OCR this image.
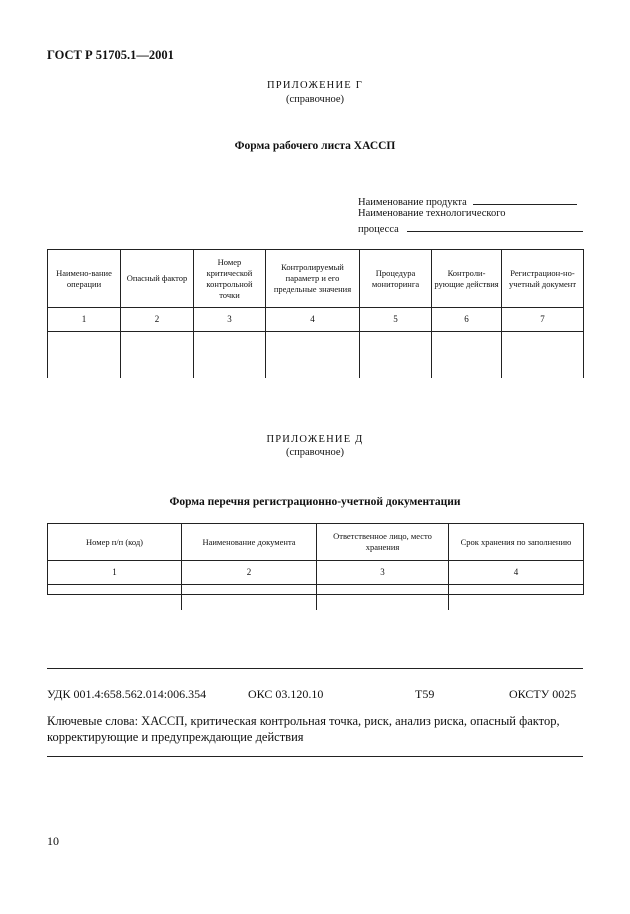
ГОСТ Р 51705.1—2001
ПРИЛОЖЕНИЕ Г
(справочное)
Форма рабочего листа ХАССП
Наименование продукта
Наименование технологического
процесса
Наимено-вание операции	Опасный фактор	Номер критической контрольной точки	Контролируемый параметр и его предельные значения	Процедура мониторинга	Контроли-рующие действия	Регистрацион-но-учетный документ
1	2	3	4	5	6	7

ПРИЛОЖЕНИЕ Д
(справочное)
Форма перечня регистрационно-учетной документации
Номер п/п (код)	Наименование документа	Ответственное лицо, место хранения	Срок хранения по заполнению
1	2	3	4

УДК 001.4:658.562.014:006.354	ОКС 03.120.10	Т59	ОКСТУ 0025
Ключевые слова: ХАССП, критическая контрольная точка, риск, анализ риска, опасный фактор, корректирующие и предупреждающие действия
10
